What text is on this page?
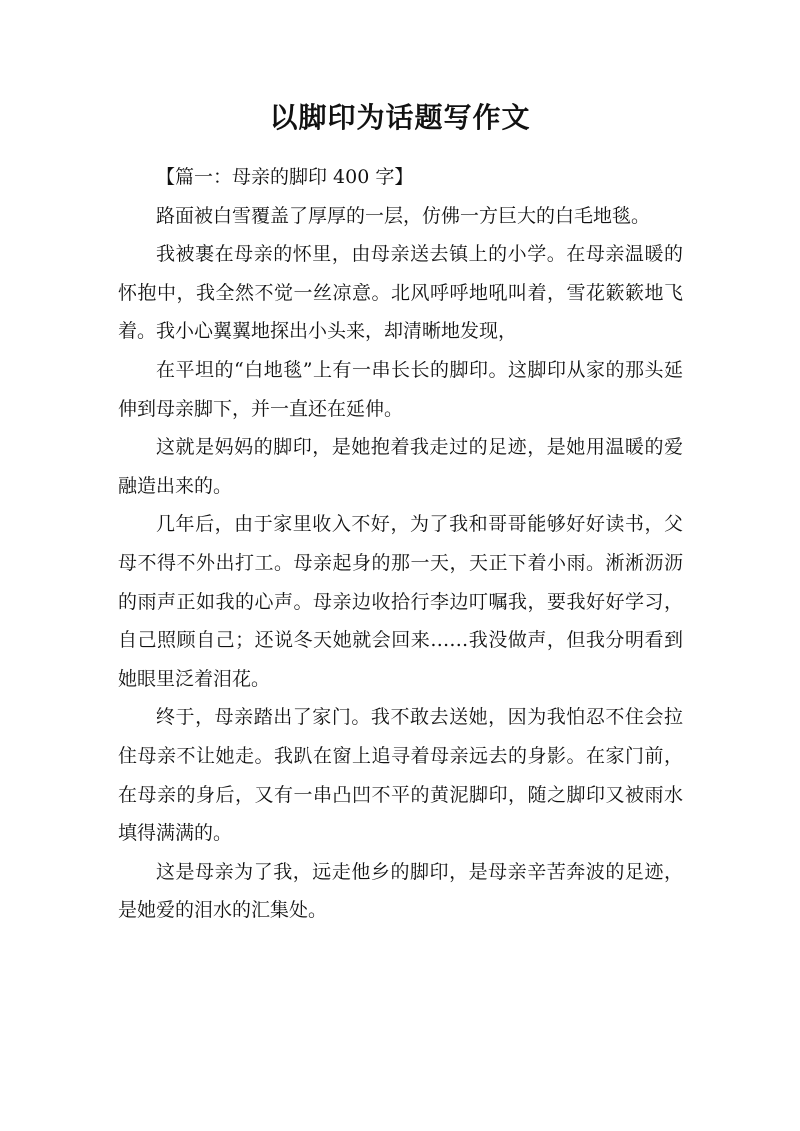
以脚印为话题写作文

【篇一：母亲的脚印 400 字】

路面被白雪覆盖了厚厚的一层，仿佛一方巨大的白毛地毯。

我被裹在母亲的怀里，由母亲送去镇上的小学。在母亲温暖的怀抱中，我全然不觉一丝凉意。北风呼呼地吼叫着，雪花簌簌地飞着。我小心翼翼地探出小头来，却清晰地发现，

在平坦的“白地毯”上有一串长长的脚印。这脚印从家的那头延伸到母亲脚下，并一直还在延伸。

这就是妈妈的脚印，是她抱着我走过的足迹，是她用温暖的爱融造出来的。

几年后，由于家里收入不好，为了我和哥哥能够好好读书，父母不得不外出打工。母亲起身的那一天，天正下着小雨。淅淅沥沥的雨声正如我的心声。母亲边收拾行李边叮嘱我，要我好好学习，自己照顾自己；还说冬天她就会回来……我没做声，但我分明看到她眼里泛着泪花。

终于，母亲踏出了家门。我不敢去送她，因为我怕忍不住会拉住母亲不让她走。我趴在窗上追寻着母亲远去的身影。在家门前，在母亲的身后，又有一串凸凹不平的黄泥脚印，随之脚印又被雨水填得满满的。

这是母亲为了我，远走他乡的脚印，是母亲辛苦奔波的足迹，是她爱的泪水的汇集处。
